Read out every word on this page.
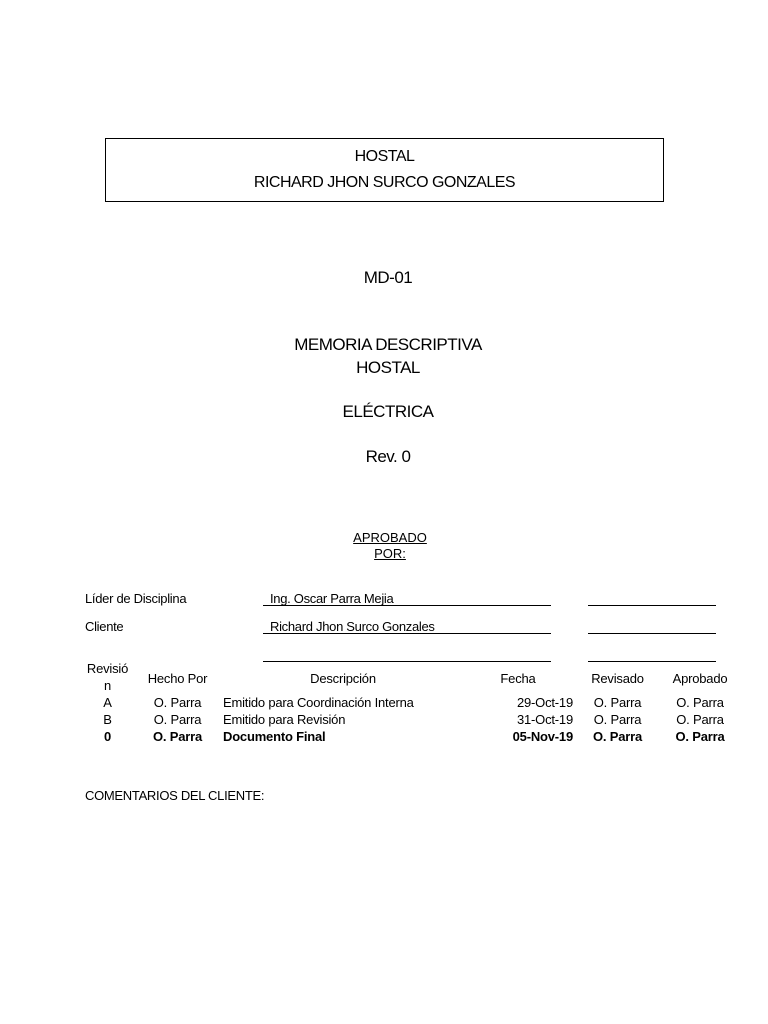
HOSTAL
RICHARD JHON SURCO GONZALES
MD-01
MEMORIA DESCRIPTIVA
HOSTAL
ELÉCTRICA
Rev. 0
APROBADO
POR:
Líder de Disciplina	Ing. Oscar Parra Mejia
Cliente	Richard Jhon Surco Gonzales
Revisió
n	Hecho Por	Descripción	Fecha	Revisado	Aprobado
A	O. Parra	Emitido para Coordinación Interna	29-Oct-19	O. Parra	O. Parra
B	O. Parra	Emitido para Revisión	31-Oct-19	O. Parra	O. Parra
0	O. Parra	Documento Final	05-Nov-19	O. Parra	O. Parra
COMENTARIOS DEL CLIENTE:
